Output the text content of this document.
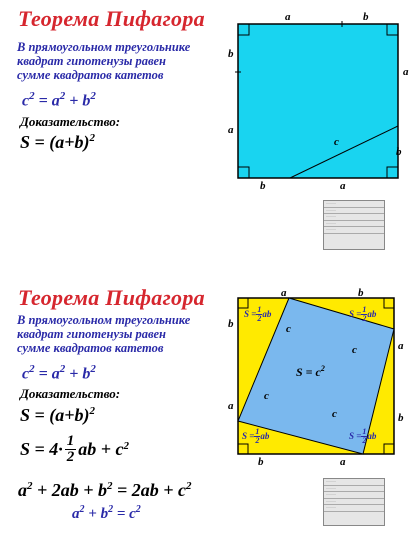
Теорема Пифагора
В прямоугольном треугольнике
квадрат гипотенузы равен
сумме квадратов катетов
$c^2 = a^2 + b^2$
Доказательство:
$S = (a+b)^2$
a	b
b
a
a
b
b	a
c
..........
..........
..........
..........
..........
Теорема Пифагора
В прямоугольном треугольнике
квадрат гипотенузы равен
сумме квадратов катетов
$c^2 = a^2 + b^2$
Доказательство:
$S = (a+b)^2$
S = 4· 1
2 ab + c 2
$a^2 + 2ab + b^2 = 2ab + c^2$
$a^2 + b^2 = c^2$
a	b
b
a
a
b
b	a
c
c
c
c
$S = c^2$
$S = \frac{1}{2}$ ab	$S = \frac{1}{2}$ ab
$S = \frac{1}{2}$ ab	$S = \frac{1}{2}$ ab
..........
..........
..........
..........
..........
